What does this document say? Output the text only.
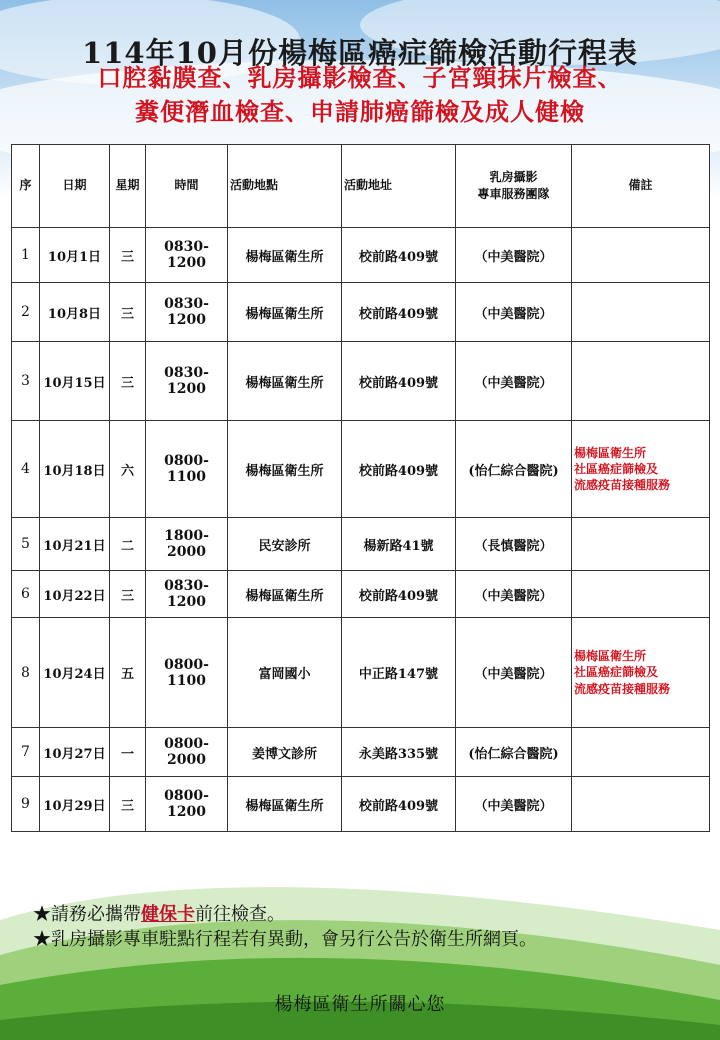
114年10月份楊梅區癌症篩檢活動行程表
口腔黏膜查、乳房攝影檢查、子宮頸抹片檢查、
糞便潛血檢查、申請肺癌篩檢及成人健檢
序	日期	星期	時間	活動地點	活動地址	乳房攝影
專車服務團隊	備註
1	10月1日	三	0830-1200	楊梅區衛生所	校前路409號	（中美醫院）	
2	10月8日	三	0830-1200	楊梅區衛生所	校前路409號	（中美醫院）	
3	10月15日	三	0830-1200	楊梅區衛生所	校前路409號	（中美醫院）	
4	10月18日	六	0800-1100	楊梅區衛生所	校前路409號	(怡仁綜合醫院)	楊梅區衛生所
社區癌症篩檢及
流感疫苗接種服務
5	10月21日	二	1800-2000	民安診所	楊新路41號	（長慎醫院）	
6	10月22日	三	0830-1200	楊梅區衛生所	校前路409號	（中美醫院）	
8	10月24日	五	0800-1100	富岡國小	中正路147號	（中美醫院）	楊梅區衛生所
社區癌症篩檢及
流感疫苗接種服務
7	10月27日	一	0800-2000	姜博文診所	永美路335號	(怡仁綜合醫院)	
9	10月29日	三	0800-1200	楊梅區衛生所	校前路409號	（中美醫院）	
★請務必攜帶健保卡前往檢查。
★乳房攝影專車駐點行程若有異動，會另行公告於衛生所網頁。
楊梅區衛生所關心您
